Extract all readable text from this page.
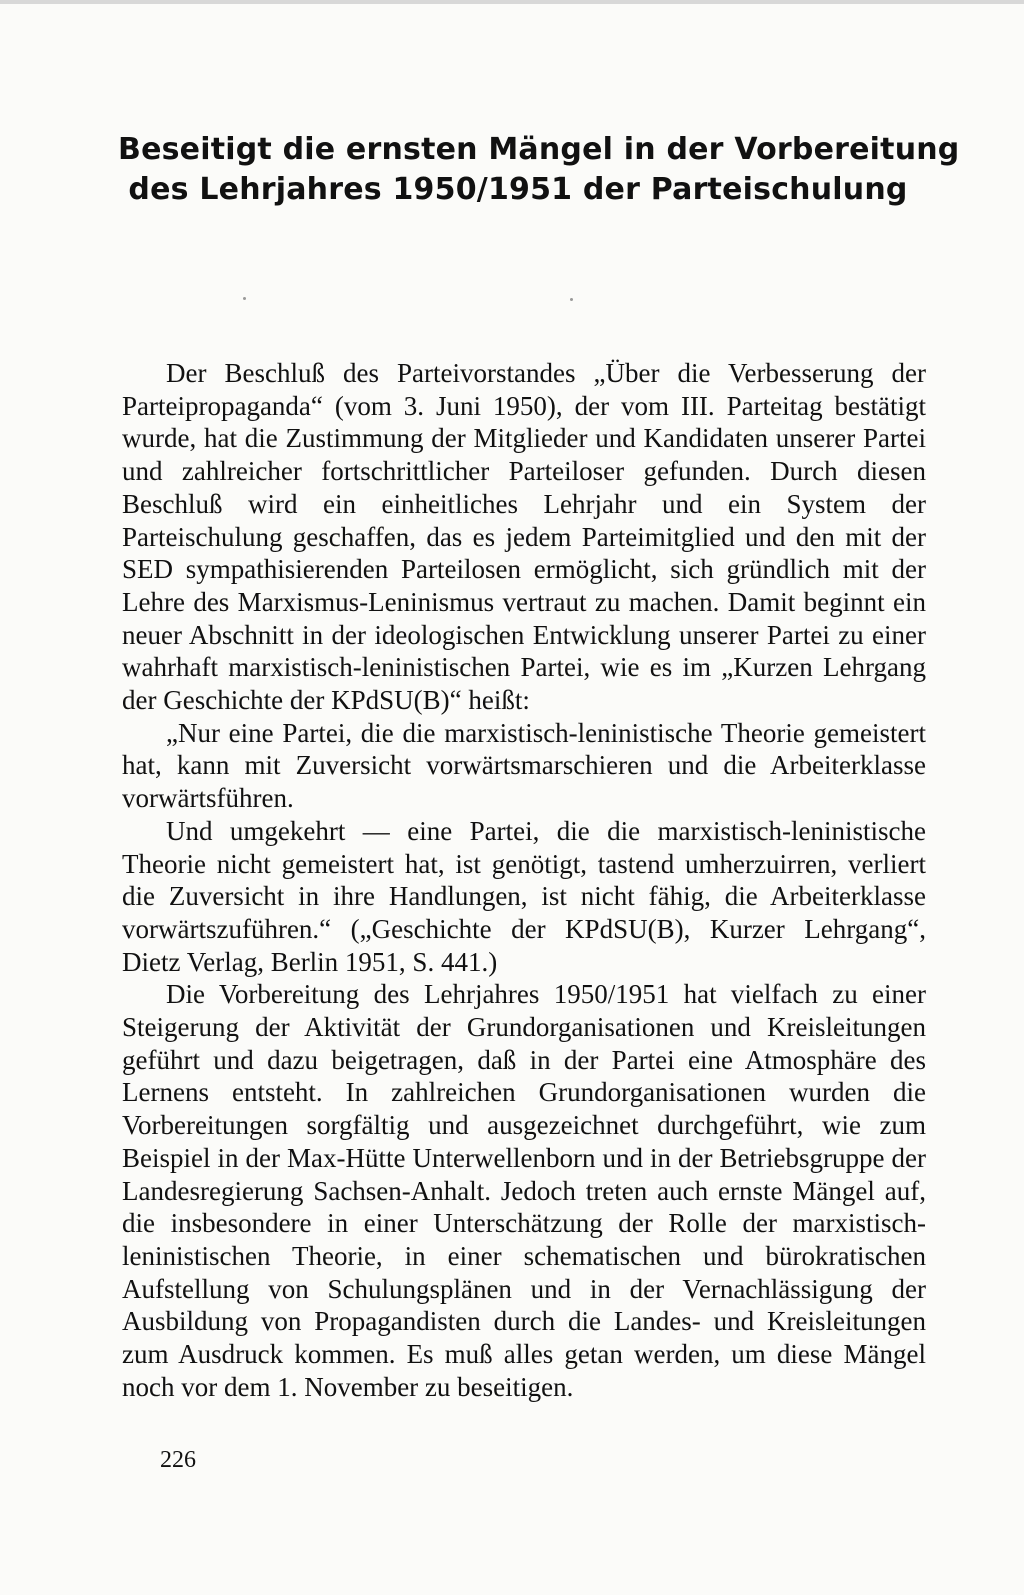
Beseitigt die ernsten Mängel in der Vorbereitung
des Lehrjahres 1950/1951 der Parteischulung

Der Beschluß des Parteivorstandes „Über die Verbesserung der Parteipropaganda“ (vom 3. Juni 1950), der vom III. Parteitag bestätigt wurde, hat die Zustimmung der Mitglieder und Kandidaten unserer Partei und zahlreicher fortschrittlicher Parteiloser gefunden. Durch diesen Beschluß wird ein einheitliches Lehrjahr und ein System der Parteischulung geschaffen, das es jedem Parteimitglied und den mit der SED sympathisierenden Parteilosen ermöglicht, sich gründlich mit der Lehre des Marxismus-Leninismus vertraut zu machen. Damit beginnt ein neuer Abschnitt in der ideologischen Entwicklung unserer Partei zu einer wahrhaft marxistisch-leninistischen Partei, wie es im „Kurzen Lehrgang der Geschichte der KPdSU(B)“ heißt:

„Nur eine Partei, die die marxistisch-leninistische Theorie gemeistert hat, kann mit Zuversicht vorwärtsmarschieren und die Arbeiterklasse vorwärtsführen.

Und umgekehrt — eine Partei, die die marxistisch-leninistische Theorie nicht gemeistert hat, ist genötigt, tastend umherzuirren, verliert die Zuversicht in ihre Handlungen, ist nicht fähig, die Arbeiterklasse vorwärtszuführen.“ („Geschichte der KPdSU(B), Kurzer Lehrgang“, Dietz Verlag, Berlin 1951, S. 441.)

Die Vorbereitung des Lehrjahres 1950/1951 hat vielfach zu einer Steigerung der Aktivität der Grundorganisationen und Kreisleitungen geführt und dazu beigetragen, daß in der Partei eine Atmosphäre des Lernens entsteht. In zahlreichen Grundorganisationen wurden die Vorbereitungen sorgfältig und ausgezeichnet durchgeführt, wie zum Beispiel in der Max-Hütte Unterwellenborn und in der Betriebsgruppe der Landesregierung Sachsen-Anhalt. Jedoch treten auch ernste Mängel auf, die insbesondere in einer Unterschätzung der Rolle der marxistisch-leninistischen Theorie, in einer schematischen und bürokratischen Aufstellung von Schulungsplänen und in der Vernachlässigung der Ausbildung von Propagandisten durch die Landes- und Kreisleitungen zum Ausdruck kommen. Es muß alles getan werden, um diese Mängel noch vor dem 1. November zu beseitigen.

226
